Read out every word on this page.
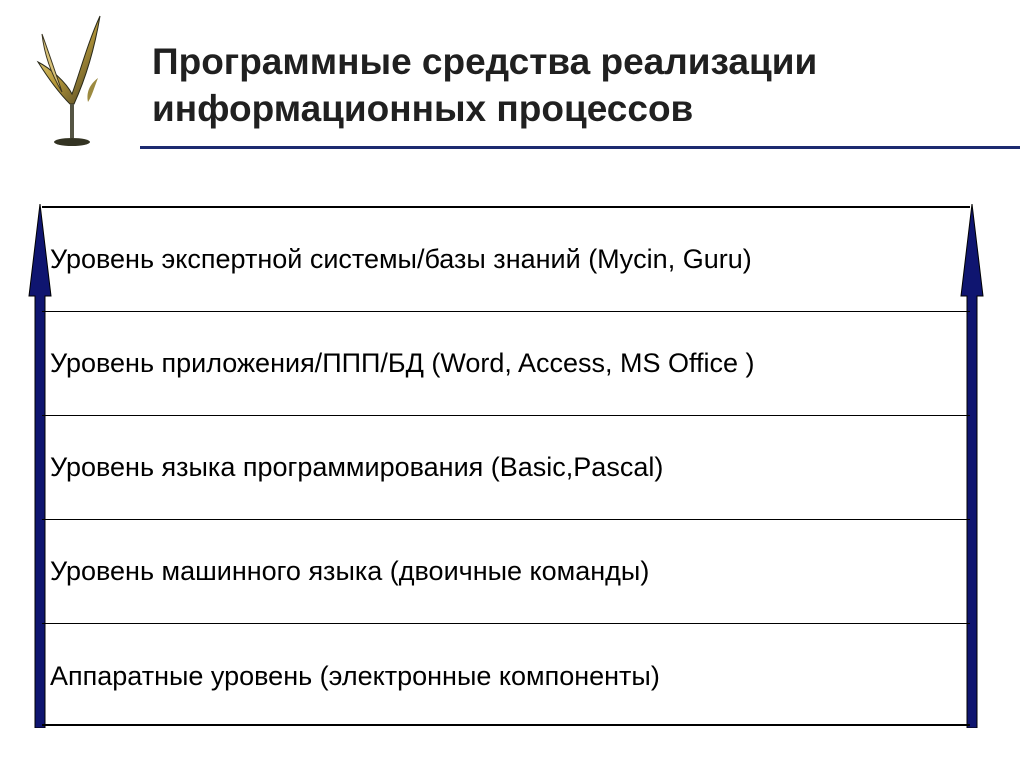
Программные средства реализации
информационных процессов
Уровень экспертной системы/базы знаний (Mycin, Guru)
Уровень приложения/ППП/БД (Word, Access, MS Office )
Уровень языка программирования (Basic,Pascal)
Уровень машинного языка (двоичные команды)
Аппаратные уровень (электронные компоненты)
